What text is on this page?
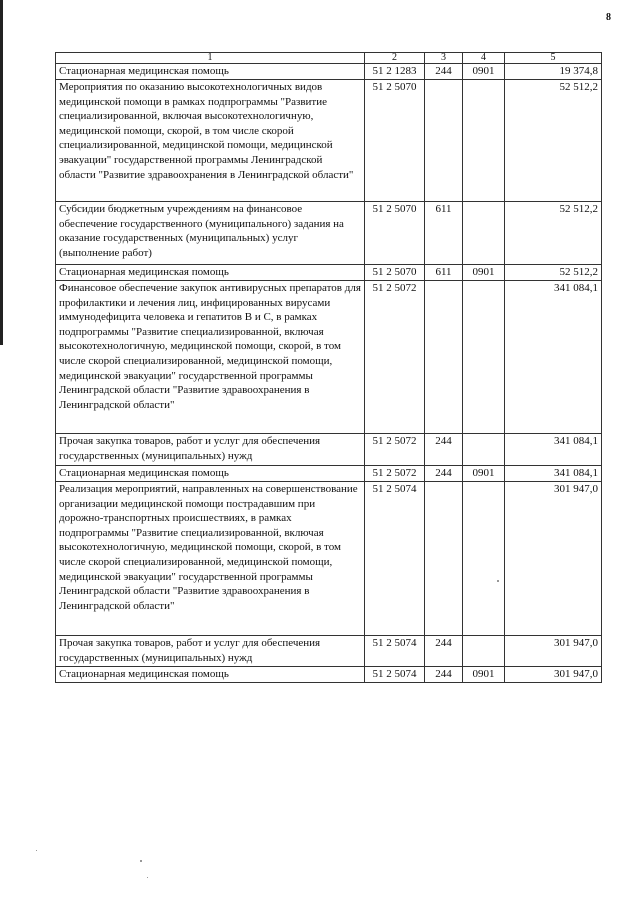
8
1	2	3	4	5
Стационарная медицинская помощь	51 2 1283	244	0901	19 374,8
Мероприятия по оказанию высокотехнологичных видов медицинской помощи в рамках подпрограммы "Развитие специализированной, включая высокотехнологичную, медицинской помощи, скорой, в том числе скорой специализированной, медицинской помощи, медицинской эвакуации" государственной программы Ленинградской области "Развитие здравоохранения в Ленинградской области"	51 2 5070			52 512,2
Субсидии бюджетным учреждениям на финансовое обеспечение государственного (муниципального) задания на оказание государственных (муниципальных) услуг (выполнение работ)	51 2 5070	611		52 512,2
Стационарная медицинская помощь	51 2 5070	611	0901	52 512,2
Финансовое обеспечение закупок антивирусных препаратов для профилактики и лечения лиц, инфицированных вирусами иммунодефицита человека и гепатитов В и С, в рамках подпрограммы "Развитие специализированной, включая высокотехнологичную, медицинской помощи, скорой, в том числе скорой специализированной, медицинской помощи, медицинской эвакуации" государственной программы Ленинградской области "Развитие здравоохранения в Ленинградской области"	51 2 5072			341 084,1
Прочая закупка товаров, работ и услуг для обеспечения государственных (муниципальных) нужд	51 2 5072	244		341 084,1
Стационарная медицинская помощь	51 2 5072	244	0901	341 084,1
Реализация мероприятий, направленных на совершенствование организации медицинской помощи пострадавшим при дорожно-транспортных происшествиях, в рамках подпрограммы "Развитие специализированной, включая высокотехнологичную, медицинской помощи, скорой, в том числе скорой специализированной, медицинской помощи, медицинской эвакуации" государственной программы Ленинградской области "Развитие здравоохранения в Ленинградской области"	51 2 5074			301 947,0
Прочая закупка товаров, работ и услуг для обеспечения государственных (муниципальных) нужд	51 2 5074	244		301 947,0
Стационарная медицинская помощь	51 2 5074	244	0901	301 947,0
